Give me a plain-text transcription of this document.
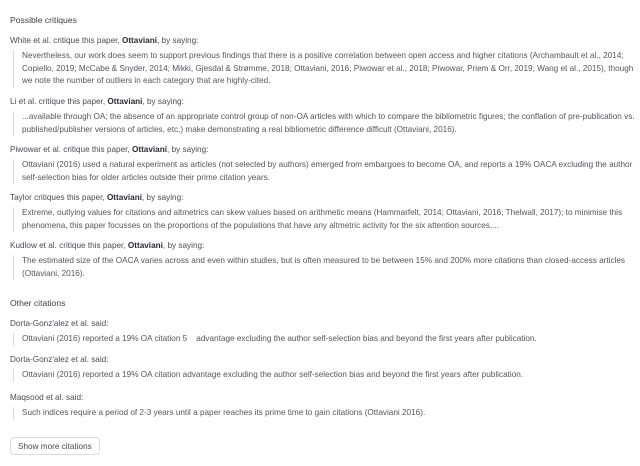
Possible critiques
White et al. critique this paper, Ottaviani, by saying:
Nevertheless, our work does seem to support previous findings that there is a positive correlation between open access and higher citations (Archambault et al., 2014; Copiello, 2019; McCabe & Snyder, 2014; Mikki, Gjesdal & Strømme, 2018; Ottaviani, 2016; Piwowar et al., 2018; Piwowar, Priem & Orr, 2019; Wang et al., 2015), though we note the number of outliers in each category that are highly-cited.
Li et al. critique this paper, Ottaviani, by saying:
...available through OA; the absence of an appropriate control group of non-OA articles with which to compare the bibliometric figures; the conflation of pre-publication vs. published/publisher versions of articles, etc.) make demonstrating a real bibliometric difference difficult (Ottaviani, 2016).
Piwowar et al. critique this paper, Ottaviani, by saying:
Ottaviani (2016) used a natural experiment as articles (not selected by authors) emerged from embargoes to become OA, and reports a 19% OACA excluding the author self-selection bias for older articles outside their prime citation years.
Taylor critiques this paper, Ottaviani, by saying:
Extreme, outlying values for citations and altmetrics can skew values based on arithmetic means (Hammarfelt, 2014; Ottaviani, 2016; Thelwall, 2017); to minimise this phenomena, this paper focusses on the proportions of the populations that have any altmetric activity for the six attention sources,...
Kudlow et al. critique this paper, Ottaviani, by saying:
The estimated size of the OACA varies across and even within studies, but is often measured to be between 15% and 200% more citations than closed-access articles (Ottaviani, 2016).
Other citations
Dorta-Gonz'alez et al. said:
Ottaviani (2016) reported a 19% OA citation 5    advantage excluding the author self-selection bias and beyond the first years after publication.
Dorta-Gonz'alez et al. said:
Ottaviani (2016) reported a 19% OA citation advantage excluding the author self-selection bias and beyond the first years after publication.
Maqsood et al. said:
Such indices require a period of 2-3 years until a paper reaches its prime time to gain citations (Ottaviani 2016).
Show more citations
